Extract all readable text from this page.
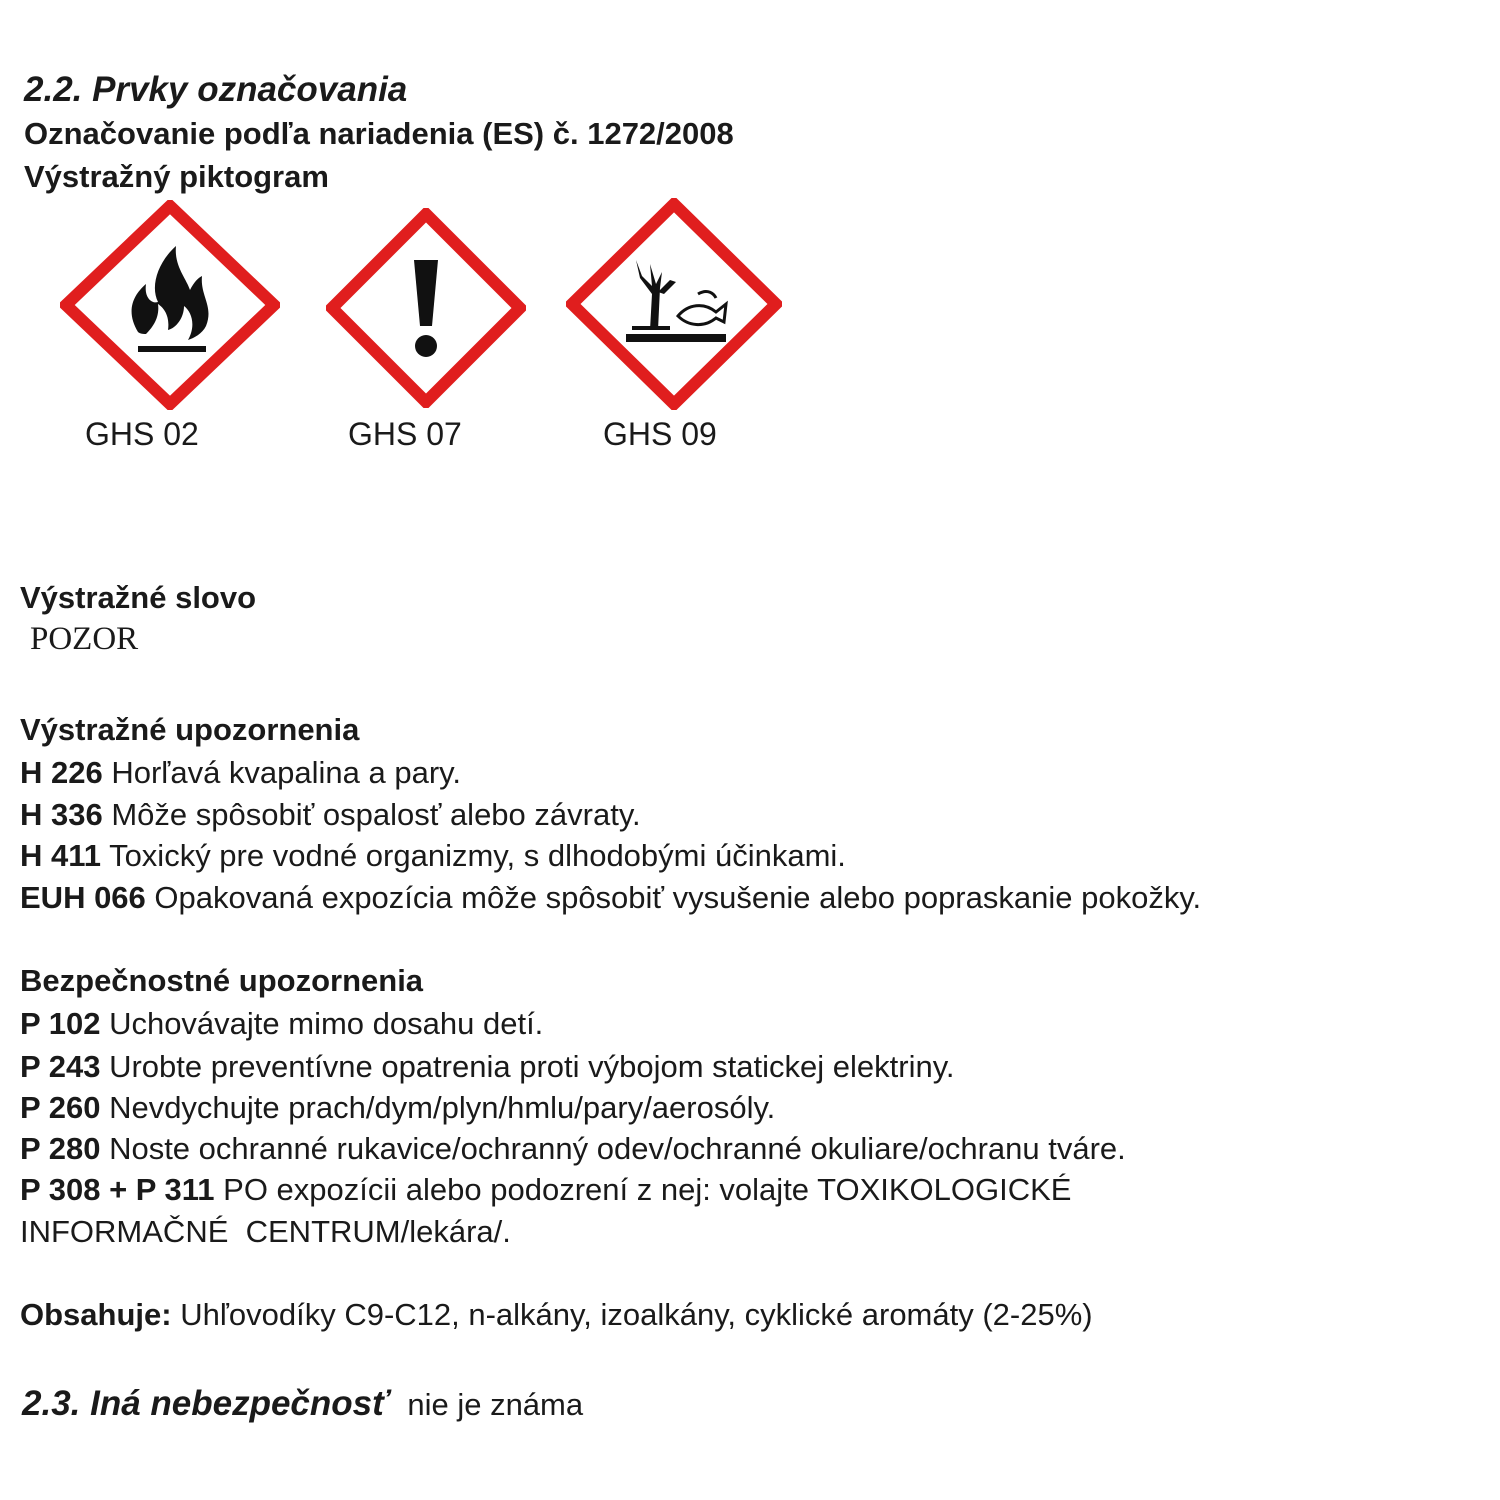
2.2. Prvky označovania
Označovanie podľa nariadenia (ES) č. 1272/2008
Výstražný piktogram
GHS 02	GHS 07	GHS 09
Výstražné slovo
POZOR
Výstražné upozornenia
H 226 Horľavá kvapalina a pary.
H 336 Môže spôsobiť ospalosť alebo závraty.
H 411 Toxický pre vodné organizmy, s dlhodobými účinkami.
EUH 066 Opakovaná expozícia môže spôsobiť vysušenie alebo popraskanie pokožky.
Bezpečnostné upozornenia
P 102 Uchovávajte mimo dosahu detí.
P 243 Urobte preventívne opatrenia proti výbojom statickej elektriny.
P 260 Nevdychujte prach/dym/plyn/hmlu/pary/aerosóly.
P 280 Noste ochranné rukavice/ochranný odev/ochranné okuliare/ochranu tváre.
P 308 + P 311 PO expozícii alebo podozrení z nej: volajte TOXIKOLOGICKÉ
INFORMAČNÉ  CENTRUM/lekára/.
Obsahuje: Uhľovodíky C9-C12, n-alkány, izoalkány, cyklické aromáty (2-25%)
2.3. Iná nebezpečnosť nie je známa
